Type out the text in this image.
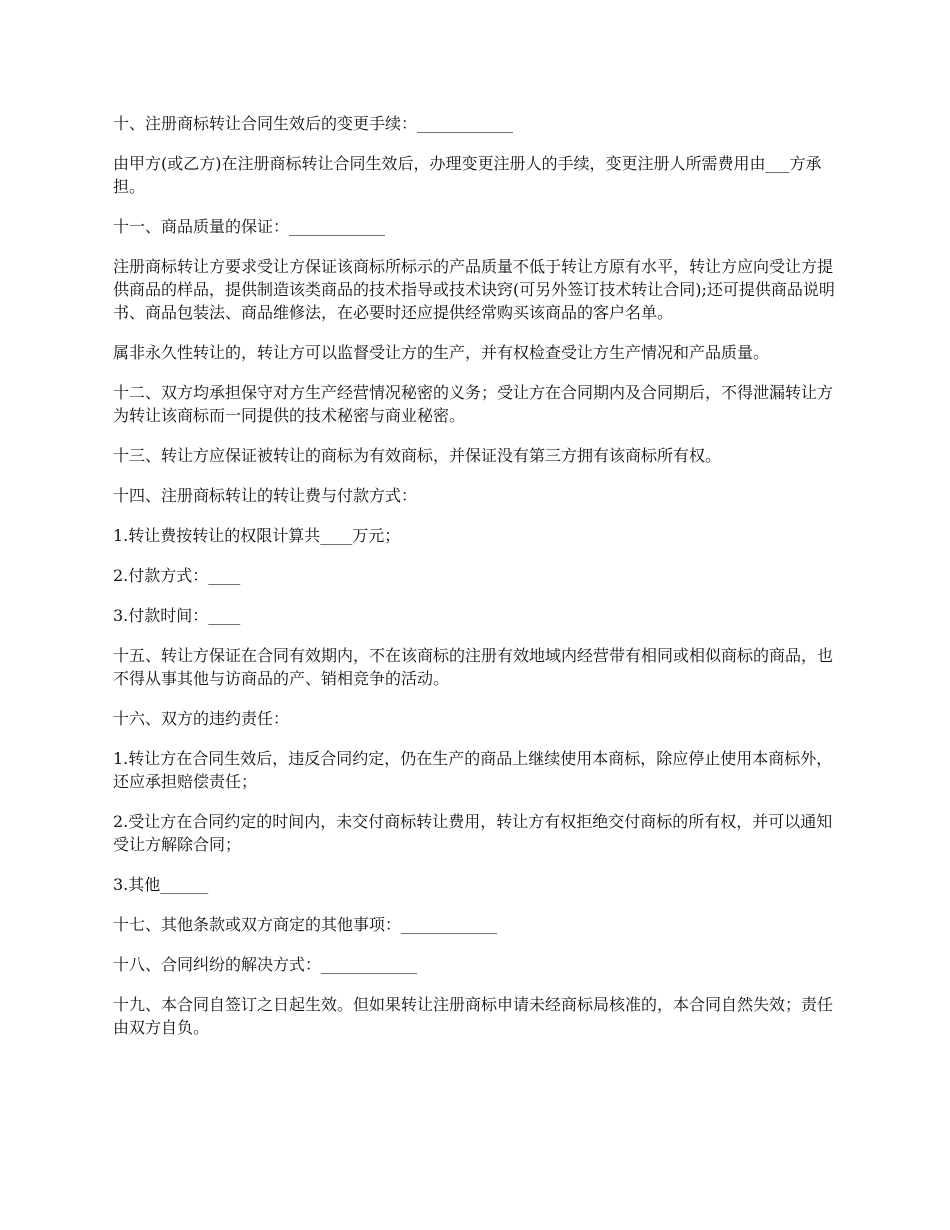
十、注册商标转让合同生效后的变更手续：____________

由甲方(或乙方)在注册商标转让合同生效后，办理变更注册人的手续，变更注册人所需费用由___方承担。

十一、商品质量的保证：____________

注册商标转让方要求受让方保证该商标所标示的产品质量不低于转让方原有水平，转让方应向受让方提供商品的样品，提供制造该类商品的技术指导或技术诀窍(可另外签订技术转让合同);还可提供商品说明书、商品包装法、商品维修法，在必要时还应提供经常购买该商品的客户名单。

属非永久性转让的，转让方可以监督受让方的生产，并有权检查受让方生产情况和产品质量。

十二、双方均承担保守对方生产经营情况秘密的义务；受让方在合同期内及合同期后，不得泄漏转让方为转让该商标而一同提供的技术秘密与商业秘密。

十三、转让方应保证被转让的商标为有效商标，并保证没有第三方拥有该商标所有权。

十四、注册商标转让的转让费与付款方式：

1.转让费按转让的权限计算共____万元；

2.付款方式：____

3.付款时间：____

十五、转让方保证在合同有效期内，不在该商标的注册有效地域内经营带有相同或相似商标的商品，也不得从事其他与访商品的产、销相竞争的活动。

十六、双方的违约责任：

1.转让方在合同生效后，违反合同约定，仍在生产的商品上继续使用本商标，除应停止使用本商标外，还应承担赔偿责任；

2.受让方在合同约定的时间内，未交付商标转让费用，转让方有权拒绝交付商标的所有权，并可以通知受让方解除合同；

3.其他______

十七、其他条款或双方商定的其他事项：____________

十八、合同纠纷的解决方式：____________

十九、本合同自签订之日起生效。但如果转让注册商标申请未经商标局核准的，本合同自然失效；责任由双方自负。
